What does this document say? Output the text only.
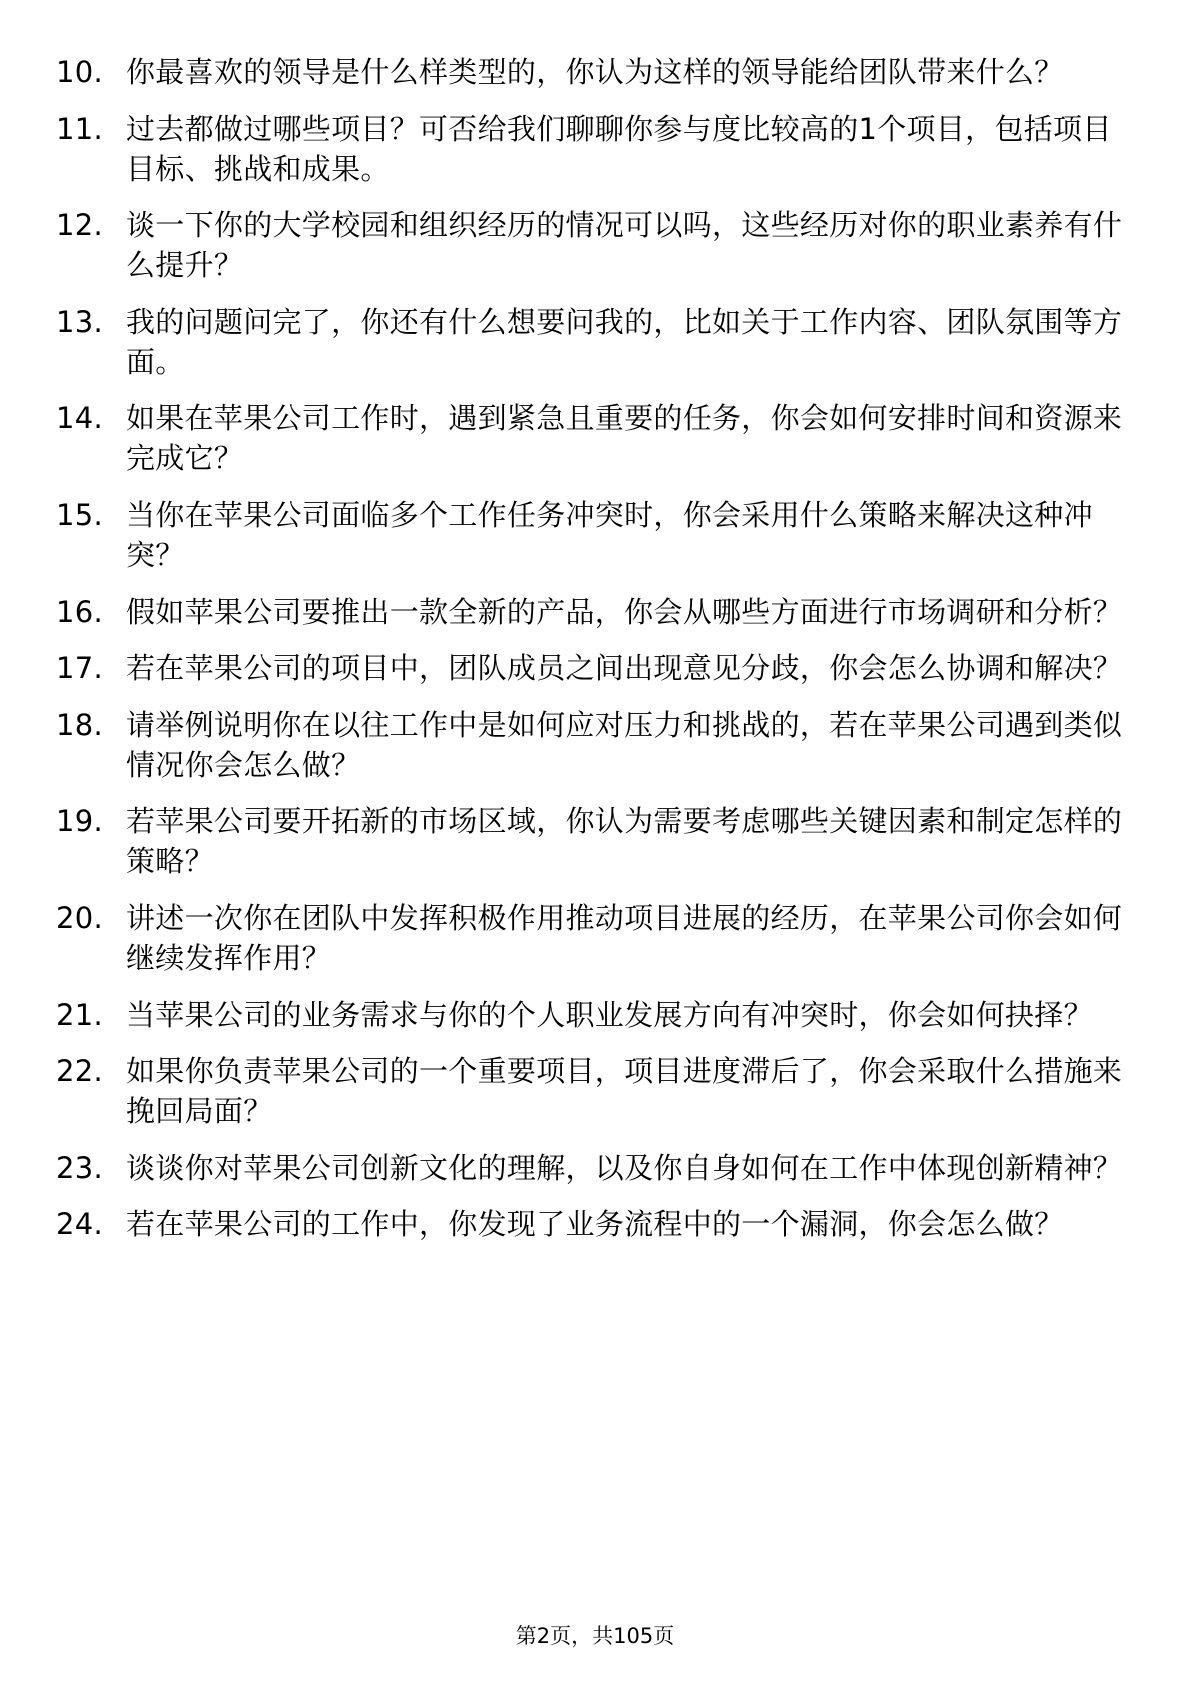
10. 你最喜欢的领导是什么样类型的，你认为这样的领导能给团队带来什么？
11. 过去都做过哪些项目？可否给我们聊聊你参与度比较高的1个项目，包括项目目标、挑战和成果。
12. 谈一下你的大学校园和组织经历的情况可以吗，这些经历对你的职业素养有什么提升？
13. 我的问题问完了，你还有什么想要问我的，比如关于工作内容、团队氛围等方面。
14. 如果在苹果公司工作时，遇到紧急且重要的任务，你会如何安排时间和资源来完成它？
15. 当你在苹果公司面临多个工作任务冲突时，你会采用什么策略来解决这种冲突？
16. 假如苹果公司要推出一款全新的产品，你会从哪些方面进行市场调研和分析？
17. 若在苹果公司的项目中，团队成员之间出现意见分歧，你会怎么协调和解决？
18. 请举例说明你在以往工作中是如何应对压力和挑战的，若在苹果公司遇到类似情况你会怎么做？
19. 若苹果公司要开拓新的市场区域，你认为需要考虑哪些关键因素和制定怎样的策略？
20. 讲述一次你在团队中发挥积极作用推动项目进展的经历，在苹果公司你会如何继续发挥作用？
21. 当苹果公司的业务需求与你的个人职业发展方向有冲突时，你会如何抉择？
22. 如果你负责苹果公司的一个重要项目，项目进度滞后了，你会采取什么措施来挽回局面？
23. 谈谈你对苹果公司创新文化的理解，以及你自身如何在工作中体现创新精神？
24. 若在苹果公司的工作中，你发现了业务流程中的一个漏洞，你会怎么做？
第2页，共105页
